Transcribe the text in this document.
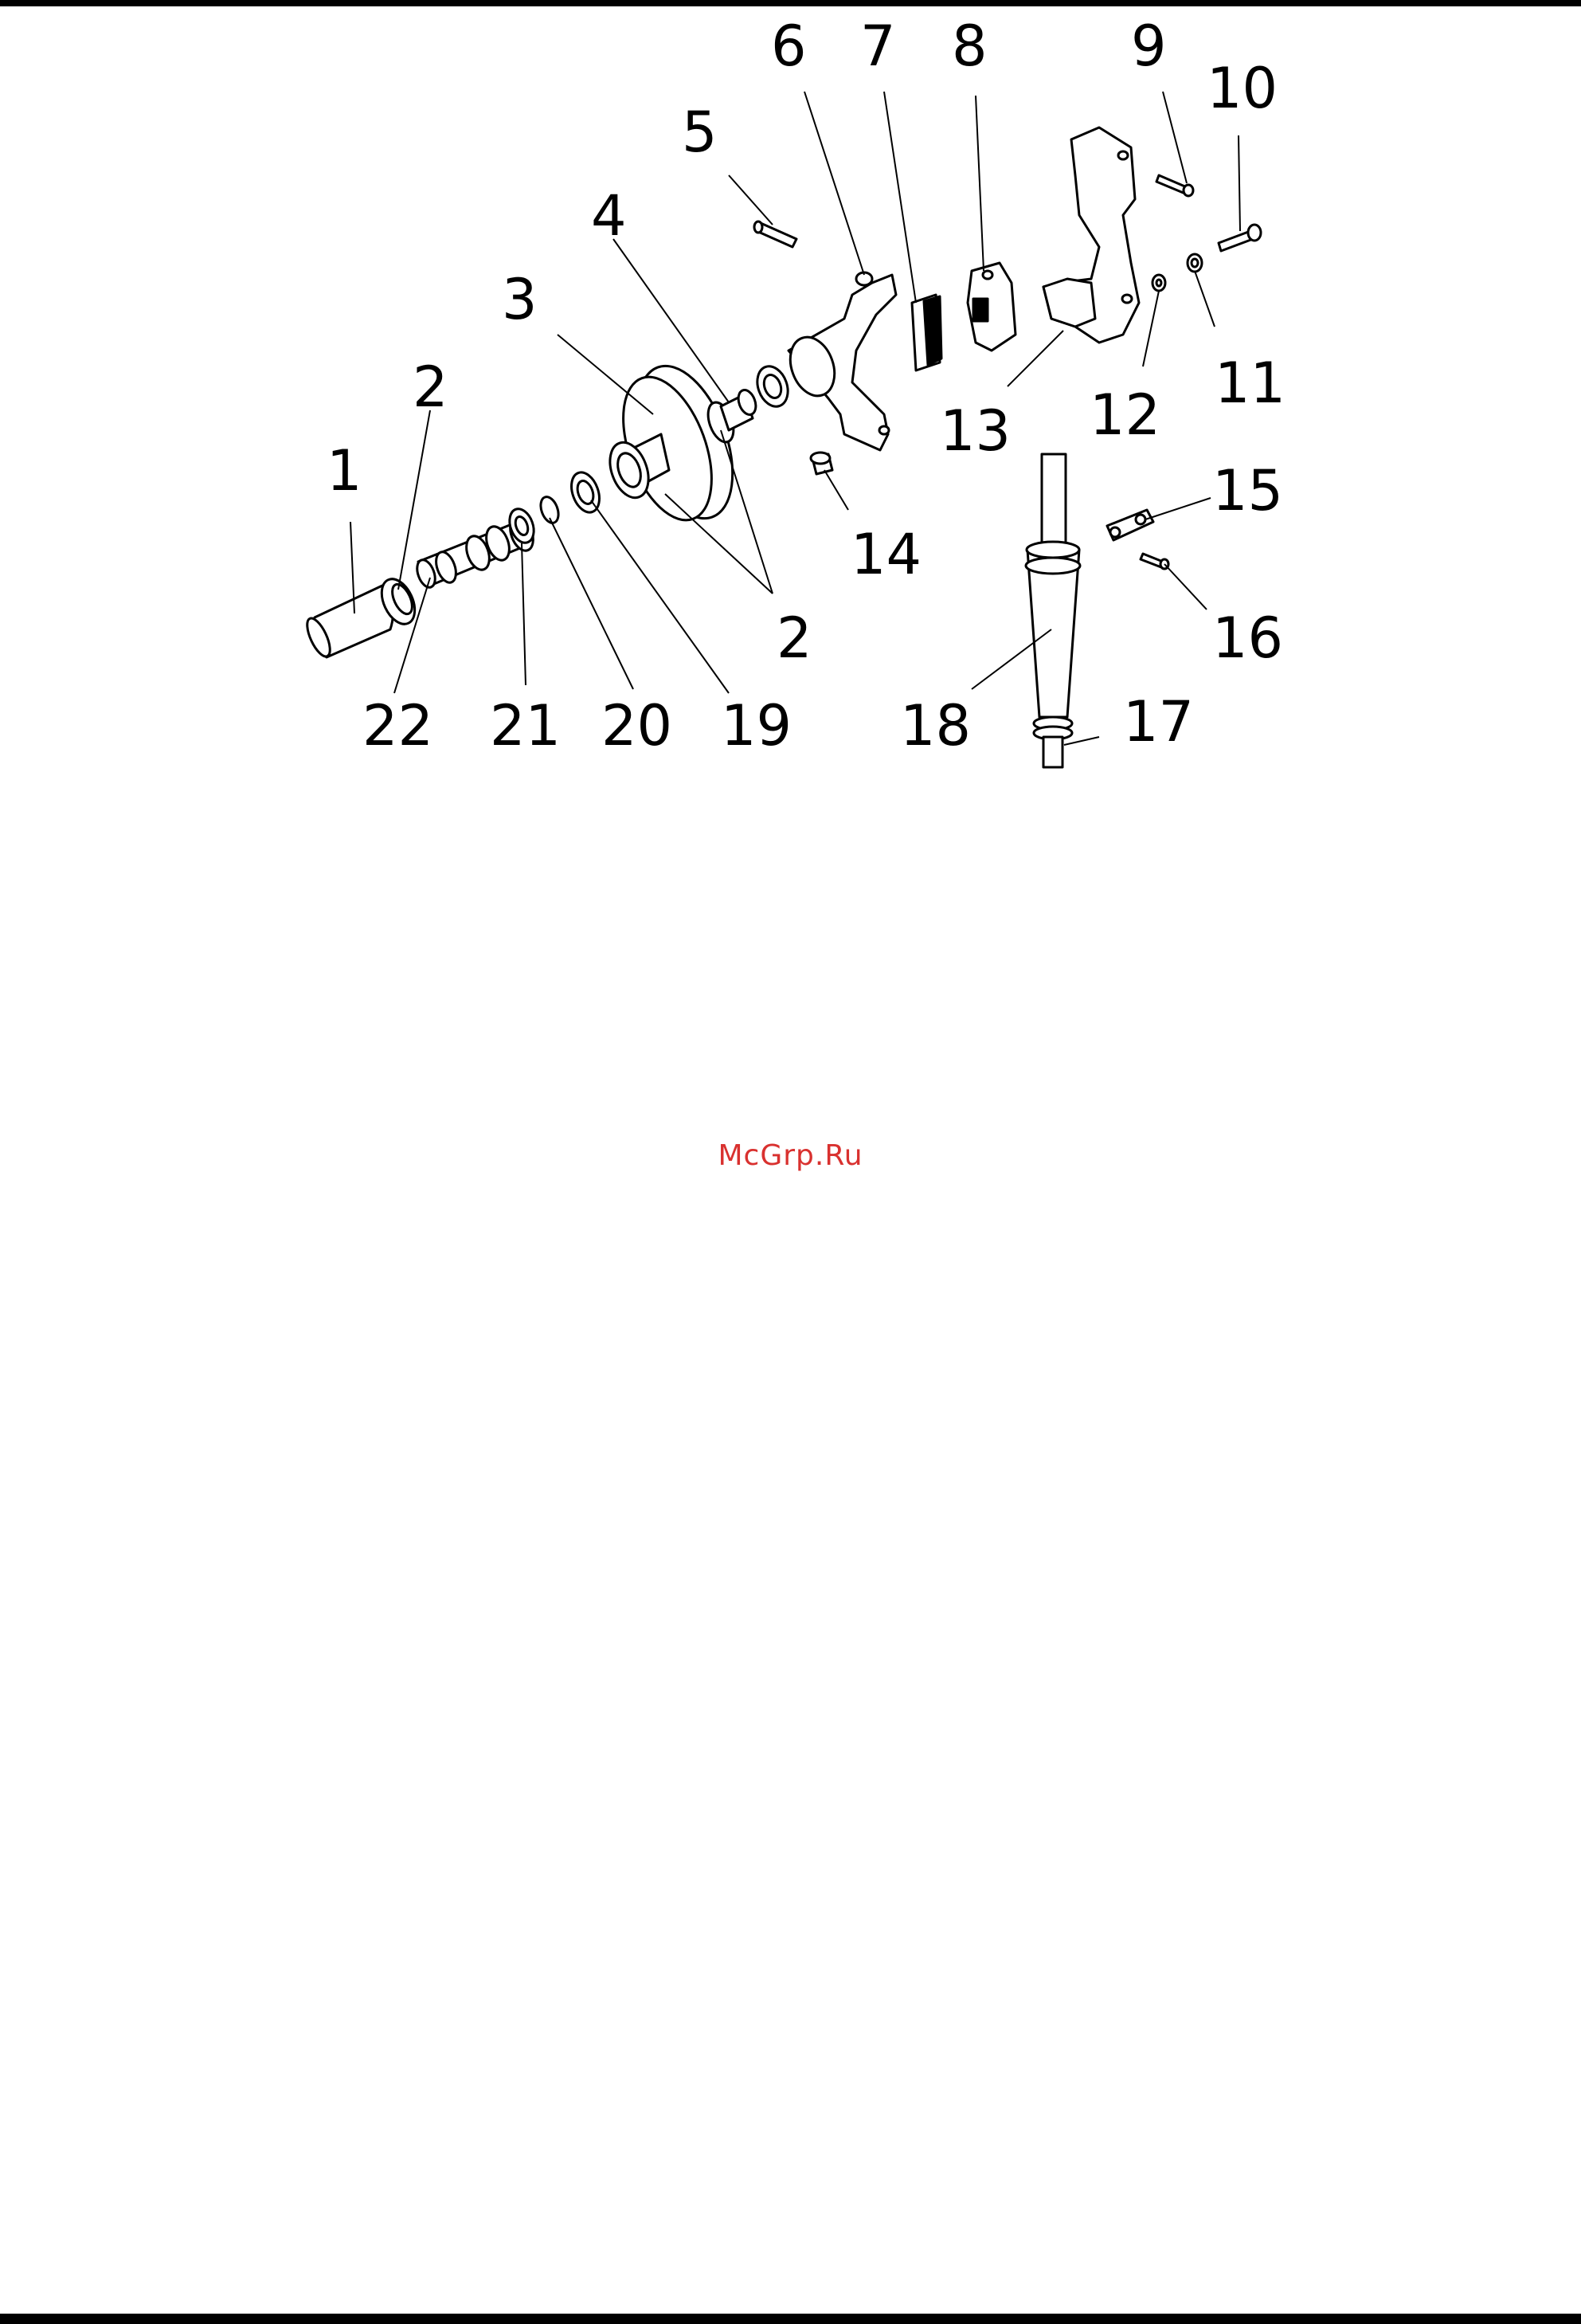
1
2
3
4
5
6 7 8	9
10
11
12
13
14
15
16
17
18
2
19
20
21
22
McGrp.Ru
